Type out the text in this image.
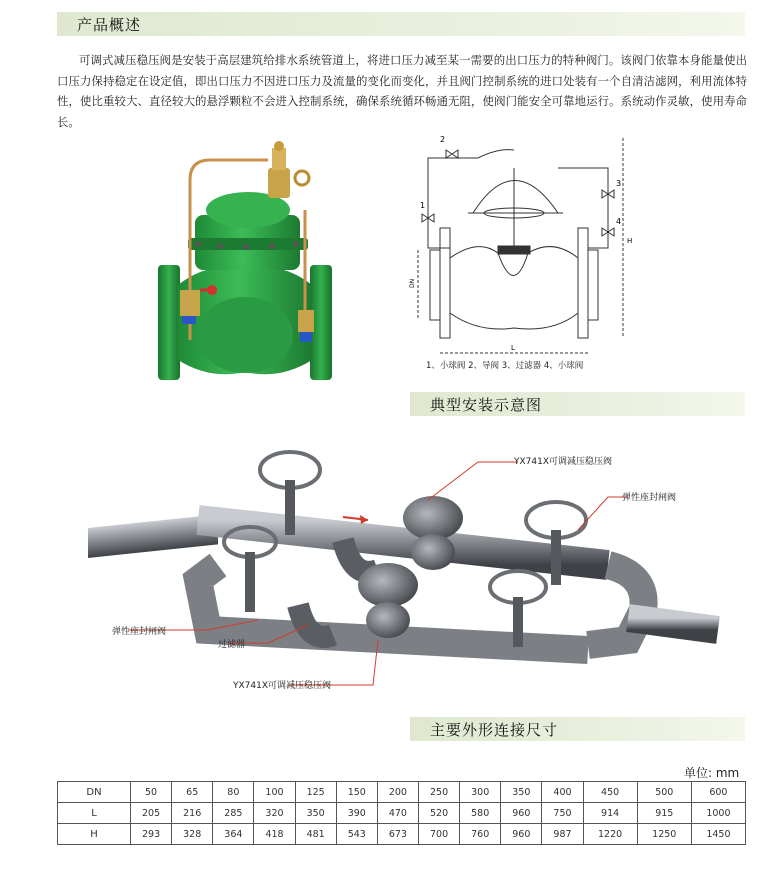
产品概述

可调式减压稳压阀是安装于高层建筑给排水系统管道上，将进口压力减至某一需要的出口压力的特种阀门。该阀门依靠本身能量使出口压力保持稳定在设定值，即出口压力不因进口压力及流量的变化而变化，并且阀门控制系统的进口处装有一个自清洁滤网，利用流体特性，使比重较大、直径较大的悬浮颗粒不会进入控制系统，确保系统循环畅通无阻，使阀门能安全可靠地运行。系统动作灵敏，使用寿命长。

1
2
3
4
DN
L
H
1、小球阀 2、导阀 3、过滤器 4、小球阀
典型安装示意图
YX741X可调减压稳压阀
弹性座封闸阀
弹性座封闸阀
过滤器
YX741X可调减压稳压阀
主要外形连接尺寸
单位: mm
DN	50	65	80	100	125	150	200	250	300	350	400	450	500	600
L	205	216	285	320	350	390	470	520	580	960	750	914	915	1000
H	293	328	364	418	481	543	673	700	760	960	987	1220	1250	1450
